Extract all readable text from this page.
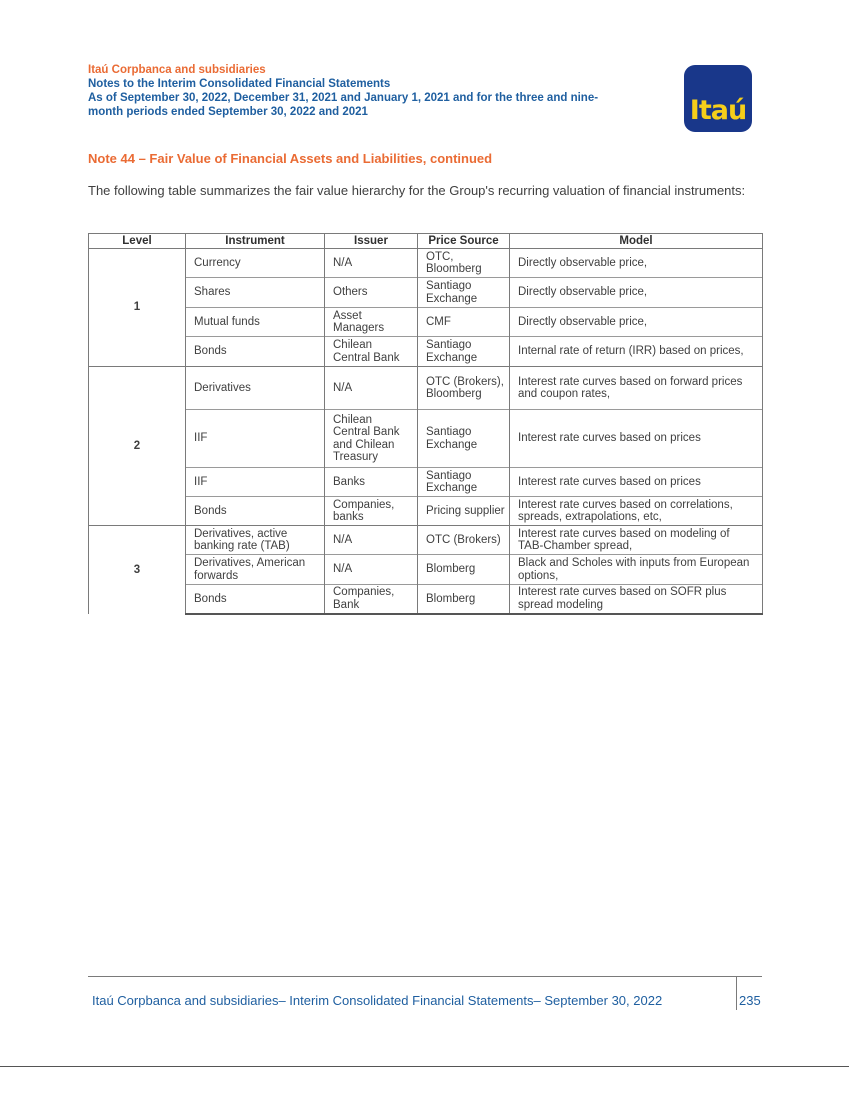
Itaú Corpbanca and subsidiaries
Notes to the Interim Consolidated Financial Statements
As of September 30, 2022, December 31, 2021 and January 1, 2021 and for the three and nine-
month periods ended September 30, 2022 and 2021	Itaú
Note 44 – Fair Value of Financial Assets and Liabilities, continued
The following table summarizes the fair value hierarchy for the Group's recurring valuation of financial instruments:
Level	Instrument	Issuer	Price Source	Model
1	Currency	N/A	OTC, Bloomberg	Directly observable price,
	Shares	Others	Santiago Exchange	Directly observable price,
	Mutual funds	Asset Managers	CMF	Directly observable price,
	Bonds	Chilean Central Bank	Santiago Exchange	Internal rate of return (IRR) based on prices,
2	Derivatives	N/A	OTC (Brokers), Bloomberg	Interest rate curves based on forward prices and coupon rates,
	IIF	Chilean Central Bank and Chilean Treasury	Santiago Exchange	Interest rate curves based on prices
	IIF	Banks	Santiago Exchange	Interest rate curves based on prices
	Bonds	Companies, banks	Pricing supplier	Interest rate curves based on correlations, spreads, extrapolations, etc,
3	Derivatives, active banking rate (TAB)	N/A	OTC (Brokers)	Interest rate curves based on modeling of TAB-Chamber spread,
	Derivatives, American forwards	N/A	Blomberg	Black and Scholes with inputs from European options,
	Bonds	Companies, Bank	Blomberg	Interest rate curves based on SOFR plus spread modeling
Itaú Corpbanca and subsidiaries– Interim Consolidated Financial Statements– September 30, 2022	235
